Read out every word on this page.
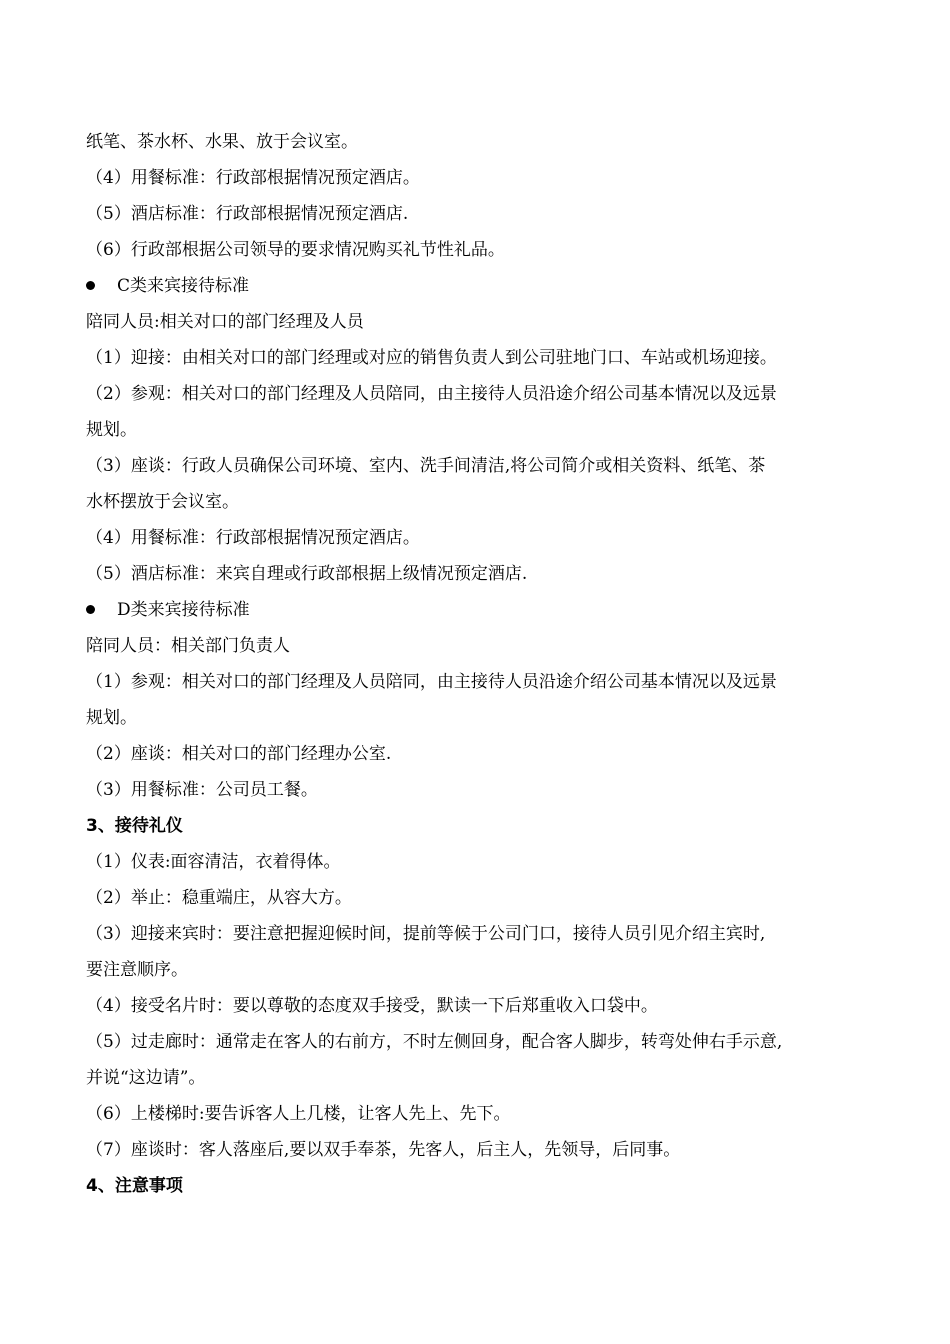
纸笔、茶水杯、水果、放于会议室。
（4）用餐标准：行政部根据情况预定酒店。
（5）酒店标准：行政部根据情况预定酒店.
（6）行政部根据公司领导的要求情况购买礼节性礼品。
C类来宾接待标准
陪同人员:相关对口的部门经理及人员
（1）迎接：由相关对口的部门经理或对应的销售负责人到公司驻地门口、车站或机场迎接。
（2）参观：相关对口的部门经理及人员陪同，由主接待人员沿途介绍公司基本情况以及远景
规划。
（3）座谈：行政人员确保公司环境、室内、洗手间清洁,将公司简介或相关资料、纸笔、茶
水杯摆放于会议室。
（4）用餐标准：行政部根据情况预定酒店。
（5）酒店标准：来宾自理或行政部根据上级情况预定酒店.
D类来宾接待标准
陪同人员：相关部门负责人
（1）参观：相关对口的部门经理及人员陪同，由主接待人员沿途介绍公司基本情况以及远景
规划。
（2）座谈：相关对口的部门经理办公室.
（3）用餐标准：公司员工餐。
3、接待礼仪
（1）仪表:面容清洁，衣着得体。
（2）举止：稳重端庄，从容大方。
（3）迎接来宾时：要注意把握迎候时间，提前等候于公司门口，接待人员引见介绍主宾时,
要注意顺序。
（4）接受名片时：要以尊敬的态度双手接受，默读一下后郑重收入口袋中。
（5）过走廊时：通常走在客人的右前方，不时左侧回身，配合客人脚步，转弯处伸右手示意,
并说“这边请”。
（6）上楼梯时:要告诉客人上几楼，让客人先上、先下。
（7）座谈时：客人落座后,要以双手奉茶，先客人，后主人，先领导，后同事。
4、注意事项
